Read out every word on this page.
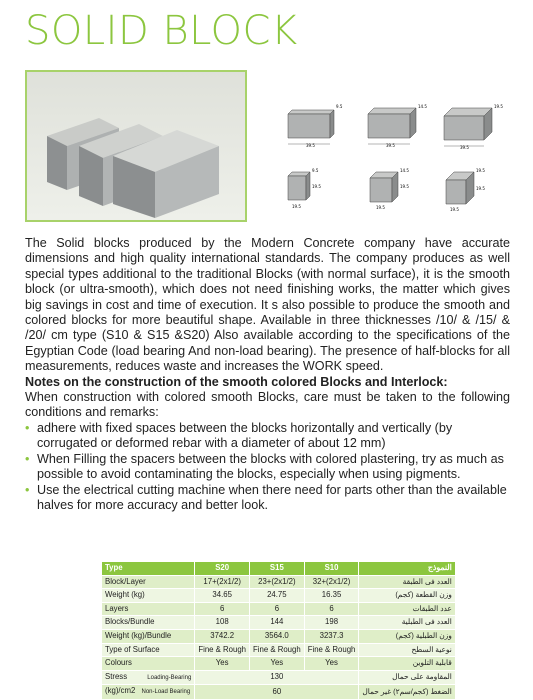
SOLID BLOCK
39.5
9.5
39.5
14.5
39.5
19.5
19.5
19.5
9.5
19.5
19.5
14.5
19.5
19.5
19.5

The Solid blocks produced by the Modern Concrete company have accurate dimensions and high quality international standards. The company produces as well special types additional to the traditional Blocks (with normal surface), it is the smooth block (or ultra-smooth), which does not need finishing works, the matter which gives big savings in cost and time of execution. It s also possible to produce the smooth and colored blocks for more beautiful shape. Available in three thicknesses /10/ & /15/ & /20/ cm type (S10 & S15 &S20) Also available according to the specifications of the Egyptian Code (load bearing And non-load bearing). The presence of half-blocks for all measurements, reduces waste and increases the WORK speed.

Notes on the construction of the smooth colored Blocks and Interlock:

When construction with colored smooth Blocks, care must be taken to the following conditions and remarks:

• adhere with fixed spaces between the blocks horizontally and vertically (by corrugated or deformed rebar with a diameter of about 12 mm)
• When Filling the spacers between the blocks with colored plastering, try as much as possible to avoid contaminating the blocks, especially when using pigments.
• Use the electrical cutting machine when there need for parts other than the available halves for more accuracy and better look.
Type	S20	S15	S10	النموذج
Block/Layer	17+(2x1/2)	23+(2x1/2)	32+(2x1/2)	العدد فى الطبقة
Weight (kg)	34.65	24.75	16.35	وزن القطعة (كجم)
Layers	6	6	6	عدد الطبقات
Blocks/Bundle	108	144	198	العدد فى الطبلية
Weight (kg)/Bundle	3742.2	3564.0	3237.3	وزن الطبلية (كجم)
Type of Surface	Fine & Rough	Fine & Rough	Fine & Rough	نوعية السطح
Colours	Yes	Yes	Yes	قابلية التلوين
Stress Loading-Bearing	130			المقاومة على حمال
(kg)/cm2 Non-Load Bearing	60			الضغط (كجم/سم٢) غير حمال
